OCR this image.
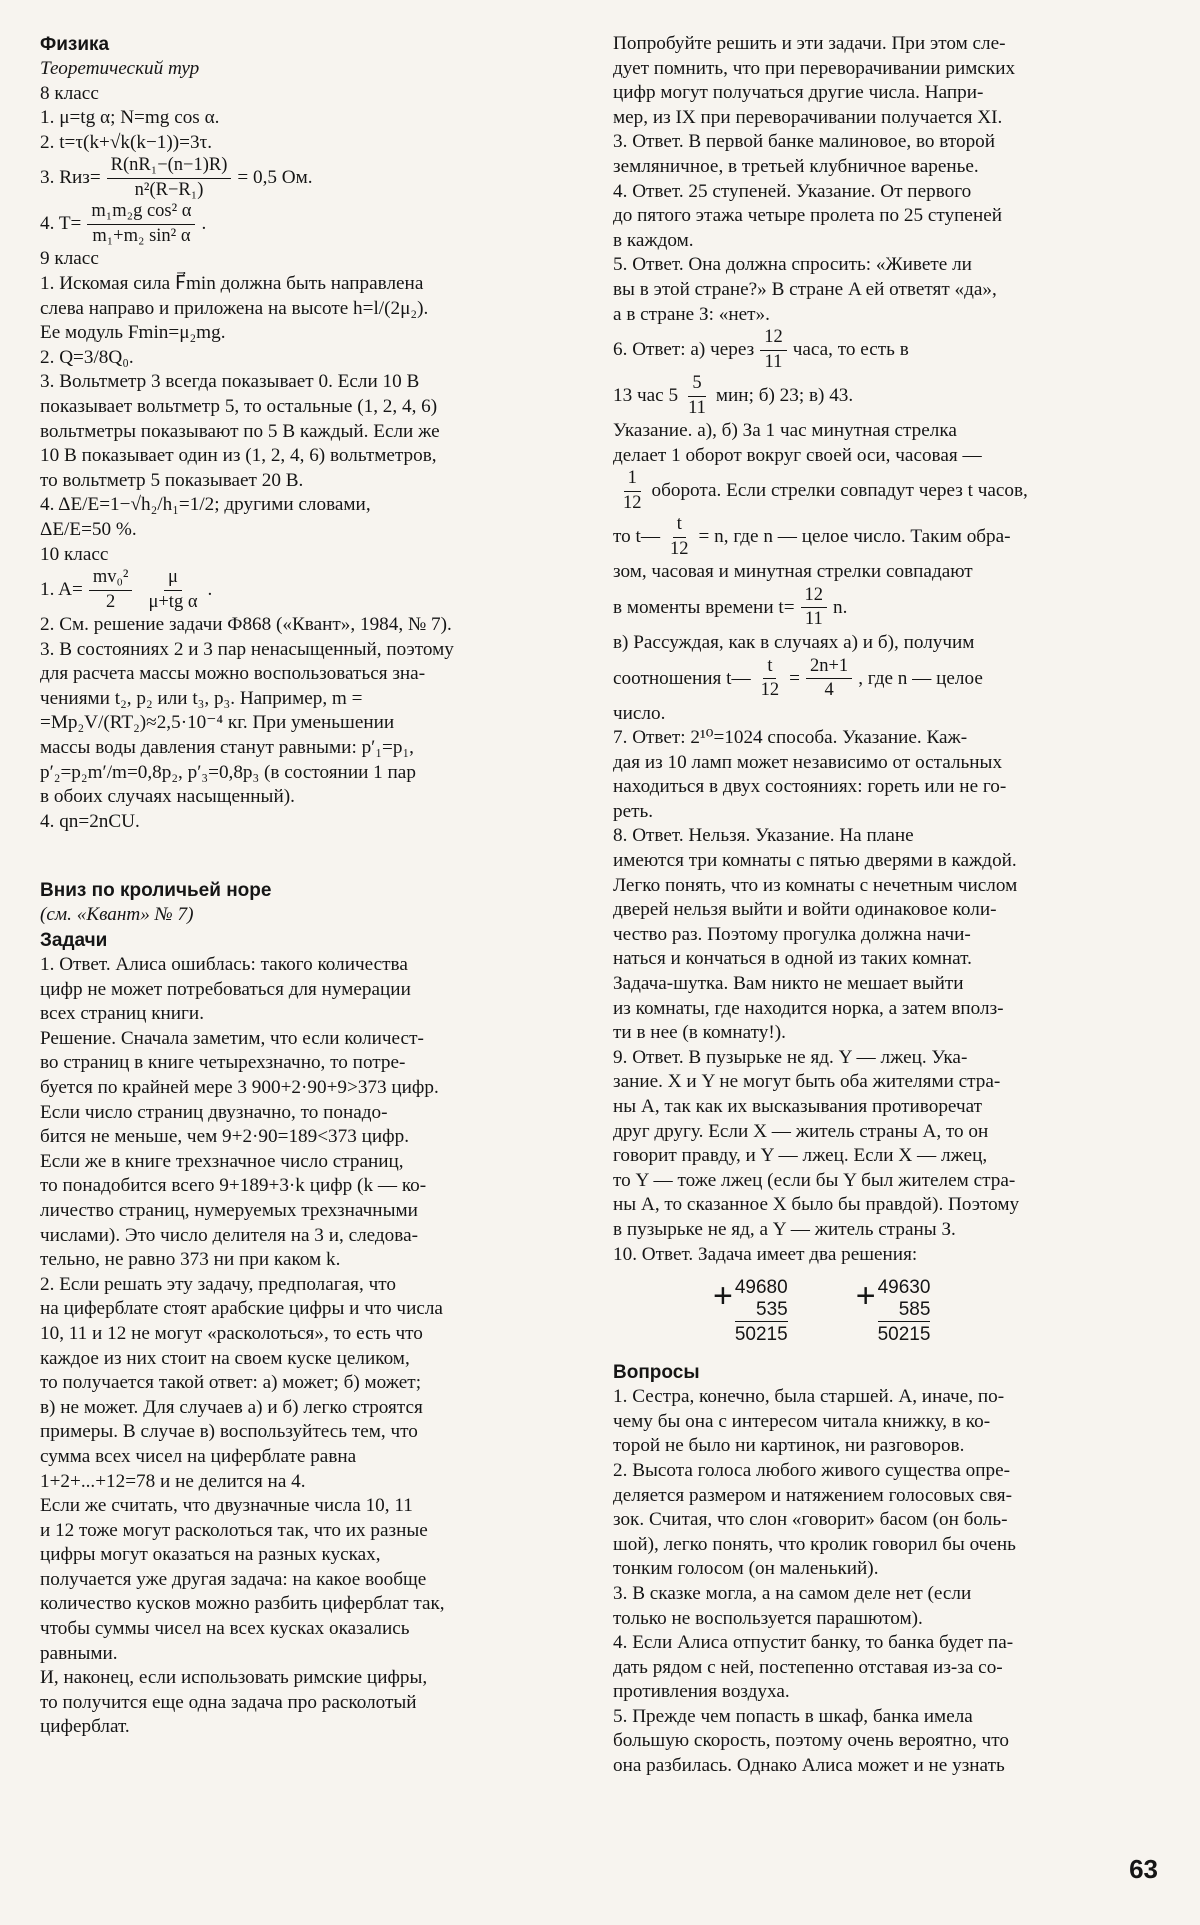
Физика
Теоретический тур
8 класс
1. μ=tg α; N=mg cos α.
2. t=τ(k+√k(k−1))=3τ.
3. $Rиз= \frac{\text{R(nR₁−(n−1)R)}}{\text{n²(R−R₁)}} = 0,5$ Ом.
4. $T= \frac{\text{m₁m₂g cos² α}}{\text{m₁+m₂ sin² α}}$ .
9 класс
1. Искомая сила F⃗min должна быть направлена
слева направо и приложена на высоте h=l/(2μ₂).
Ее модуль Fmin=μ₂mg.
2. Q=3/8Q₀.
3. Вольтметр 3 всегда показывает 0. Если 10 В
показывает вольтметр 5, то остальные (1, 2, 4, 6)
вольтметры показывают по 5 В каждый. Если же
10 В показывает один из (1, 2, 4, 6) вольтметров,
то вольтметр 5 показывает 20 В.
4. ΔE/E=1−√h₂/h₁=1/2; другими словами,
ΔE/E=50 %.
10 класс
1. $A= \frac{\text{mv₀²}}{2} \frac{\mu}{\text{μ+tg α}}$ .
2. См. решение задачи Ф868 («Квант», 1984, № 7).
3. В состояниях 2 и 3 пар ненасыщенный, поэтому
для расчета массы можно воспользоваться зна-
чениями t₂, p₂ или t₃, p₃. Например, m =
=Mp₂V/(RT₂)≈2,5·10⁻⁴ кг. При уменьшении
массы воды давления станут равными: p′₁=p₁,
p′₂=p₂m′/m=0,8p₂, p′₃=0,8p₃ (в состоянии 1 пар
в обоих случаях насыщенный).
4. qn=2nCU.
Вниз по кроличьей норе
(см. «Квант» № 7)
Задачи
1. Ответ. Алиса ошиблась: такого количества
цифр не может потребоваться для нумерации
всех страниц книги.
Решение. Сначала заметим, что если количест-
во страниц в книге четырехзначно, то потре-
буется по крайней мере 3 900+2·90+9>373 цифр.
Если число страниц двузначно, то понадо-
бится не меньше, чем 9+2·90=189<373 цифр.
Если же в книге трехзначное число страниц,
то понадобится всего 9+189+3·k цифр (k — ко-
личество страниц, нумеруемых трехзначными
числами). Это число делителя на 3 и, следова-
тельно, не равно 373 ни при каком k.
2. Если решать эту задачу, предполагая, что
на циферблате стоят арабские цифры и что числа
10, 11 и 12 не могут «расколоться», то есть что
каждое из них стоит на своем куске целиком,
то получается такой ответ: а) может; б) может;
в) не может. Для случаев а) и б) легко строятся
примеры. В случае в) воспользуйтесь тем, что
сумма всех чисел на циферблате равна
1+2+...+12=78 и не делится на 4.
Если же считать, что двузначные числа 10, 11
и 12 тоже могут расколоться так, что их разные
цифры могут оказаться на разных кусках,
получается уже другая задача: на какое вообще
количество кусков можно разбить циферблат так,
чтобы суммы чисел на всех кусках оказались
равными.
И, наконец, если использовать римские цифры,
то получится еще одна задача про расколотый
циферблат.
Попробуйте решить и эти задачи. При этом сле-
дует помнить, что при переворачивании римских
цифр могут получаться другие числа. Напри-
мер, из IX при переворачивании получается XI.
3. Ответ. В первой банке малиновое, во второй
земляничное, в третьей клубничное варенье.
4. Ответ. 25 ступеней. Указание. От первого
до пятого этажа четыре пролета по 25 ступеней
в каждом.
5. Ответ. Она должна спросить: «Живете ли
вы в этой стране?» В стране A ей ответят «да»,
а в стране З: «нет».
6. Ответ: а) через $\frac{12}{11}$ часа, то есть в
13 час $5 \frac{5}{11}$ мин; б) 23; в) 43.
Указание. а), б) За 1 час минутная стрелка
делает 1 оборот вокруг своей оси, часовая —
$\frac{1}{12}$ оборота. Если стрелки совпадут через t часов,
то t— $\frac{t}{12} = n$, где n — целое число. Таким обра-
зом, часовая и минутная стрелки совпадают
в моменты времени $t= \frac{12}{11} n$.
в) Рассуждая, как в случаях а) и б), получим
соотношения t— $\frac{t}{12} = \frac{2n+1}{4}$ , где n — целое
число.
7. Ответ: 2¹⁰=1024 способа. Указание. Каж-
дая из 10 ламп может независимо от остальных
находиться в двух состояниях: гореть или не го-
реть.
8. Ответ. Нельзя. Указание. На плане
имеются три комнаты с пятью дверями в каждой.
Легко понять, что из комнаты с нечетным числом
дверей нельзя выйти и войти одинаковое коли-
чество раз. Поэтому прогулка должна начи-
наться и кончаться в одной из таких комнат.
Задача-шутка. Вам никто не мешает выйти
из комнаты, где находится норка, а затем вполз-
ти в нее (в комнату!).
9. Ответ. В пузырьке не яд. Y — лжец. Ука-
зание. X и Y не могут быть оба жителями стра-
ны A, так как их высказывания противоречат
друг другу. Если X — житель страны A, то он
говорит правду, и Y — лжец. Если X — лжец,
то Y — тоже лжец (если бы Y был жителем стра-
ны A, то сказанное X было бы правдой). Поэтому
в пузырьке не яд, а Y — житель страны З.
10. Ответ. Задача имеет два решения:
+ 49680
535
50215
+ 49630
585
50215
Вопросы
1. Сестра, конечно, была старшей. А, иначе, по-
чему бы она с интересом читала книжку, в ко-
торой не было ни картинок, ни разговоров.
2. Высота голоса любого живого существа опре-
деляется размером и натяжением голосовых свя-
зок. Считая, что слон «говорит» басом (он боль-
шой), легко понять, что кролик говорил бы очень
тонким голосом (он маленький).
3. В сказке могла, а на самом деле нет (если
только не воспользуется парашютом).
4. Если Алиса отпустит банку, то банка будет па-
дать рядом с ней, постепенно отставая из-за со-
противления воздуха.
5. Прежде чем попасть в шкаф, банка имела
большую скорость, поэтому очень вероятно, что
она разбилась. Однако Алиса может и не узнать
63
